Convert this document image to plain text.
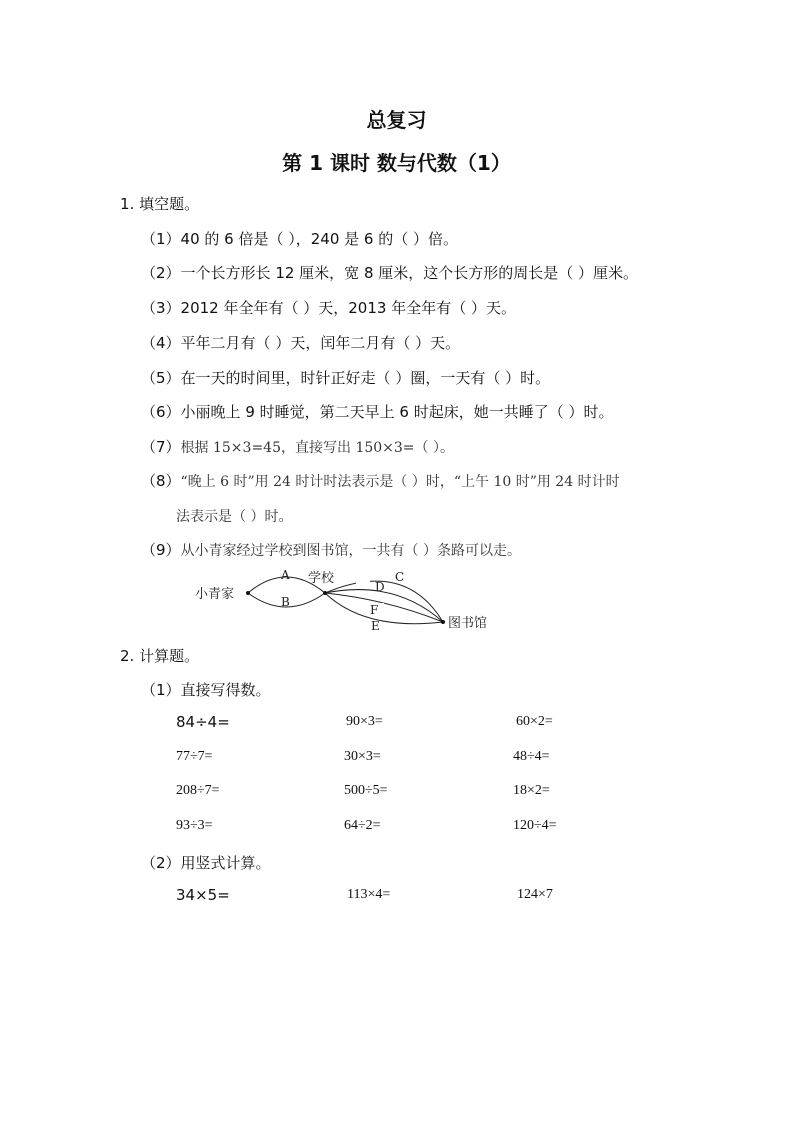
总复习
第 1 课时 数与代数（1）
1. 填空题。
（1）40 的 6 倍是（ ），240 是 6 的（ ）倍。
（2）一个长方形长 12 厘米，宽 8 厘米，这个长方形的周长是（ ）厘米。
（3）2012 年全年有（ ）天，2013 年全年有（ ）天。
（4）平年二月有（ ）天，闰年二月有（ ）天。
（5）在一天的时间里，时针正好走（ ）圈，一天有（ ）时。
（6）小丽晚上 9 时睡觉，第二天早上 6 时起床，她一共睡了（ ）时。
（7）根据 15×3=45，直接写出 150×3=（ ）。
（8）“晚上 6 时”用 24 时计时法表示是（ ）时，“上午 10 时”用 24 时计时
法表示是（ ）时。
（9）从小青家经过学校到图书馆，一共有（ ）条路可以走。
小青家
学校
图书馆
A
B
C
D
F
E
2. 计算题。
（1）直接写得数。
84÷4=	90×3=	60×2=
77÷7=	30×3=	48÷4=
208÷7=	500÷5=	18×2=
93÷3=	64÷2=	120÷4=
（2）用竖式计算。
34×5=	113×4=	124×7
